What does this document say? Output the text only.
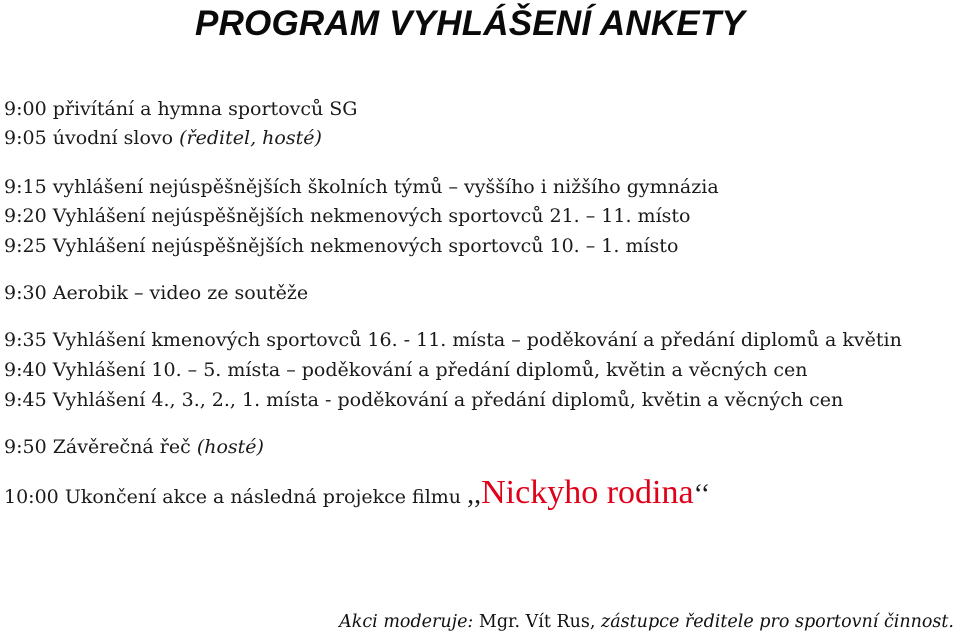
PROGRAM VYHLÁŠENÍ ANKETY
9:00 přivítání a hymna sportovců SG
9:05 úvodní slovo (ředitel, hosté)
9:15 vyhlášení nejúspěšnějších školních týmů – vyššího i nižšího gymnázia
9:20 Vyhlášení nejúspěšnějších nekmenových sportovců 21. – 11. místo
9:25 Vyhlášení nejúspěšnějších nekmenových sportovců 10. – 1. místo
9:30 Aerobik – video ze soutěže
9:35 Vyhlášení kmenových sportovců 16. - 11. místa – poděkování a předání diplomů a květin
9:40 Vyhlášení 10. – 5. místa – poděkování a předání diplomů, květin a věcných cen
9:45 Vyhlášení 4., 3., 2., 1. místa - poděkování a předání diplomů, květin a věcných cen
9:50 Závěrečná řeč (hosté)
10:00 Ukončení akce a následná projekce filmu ,,Nickyho rodina‘‘
Akci moderuje: Mgr. Vít Rus, zástupce ředitele pro sportovní činnost.
